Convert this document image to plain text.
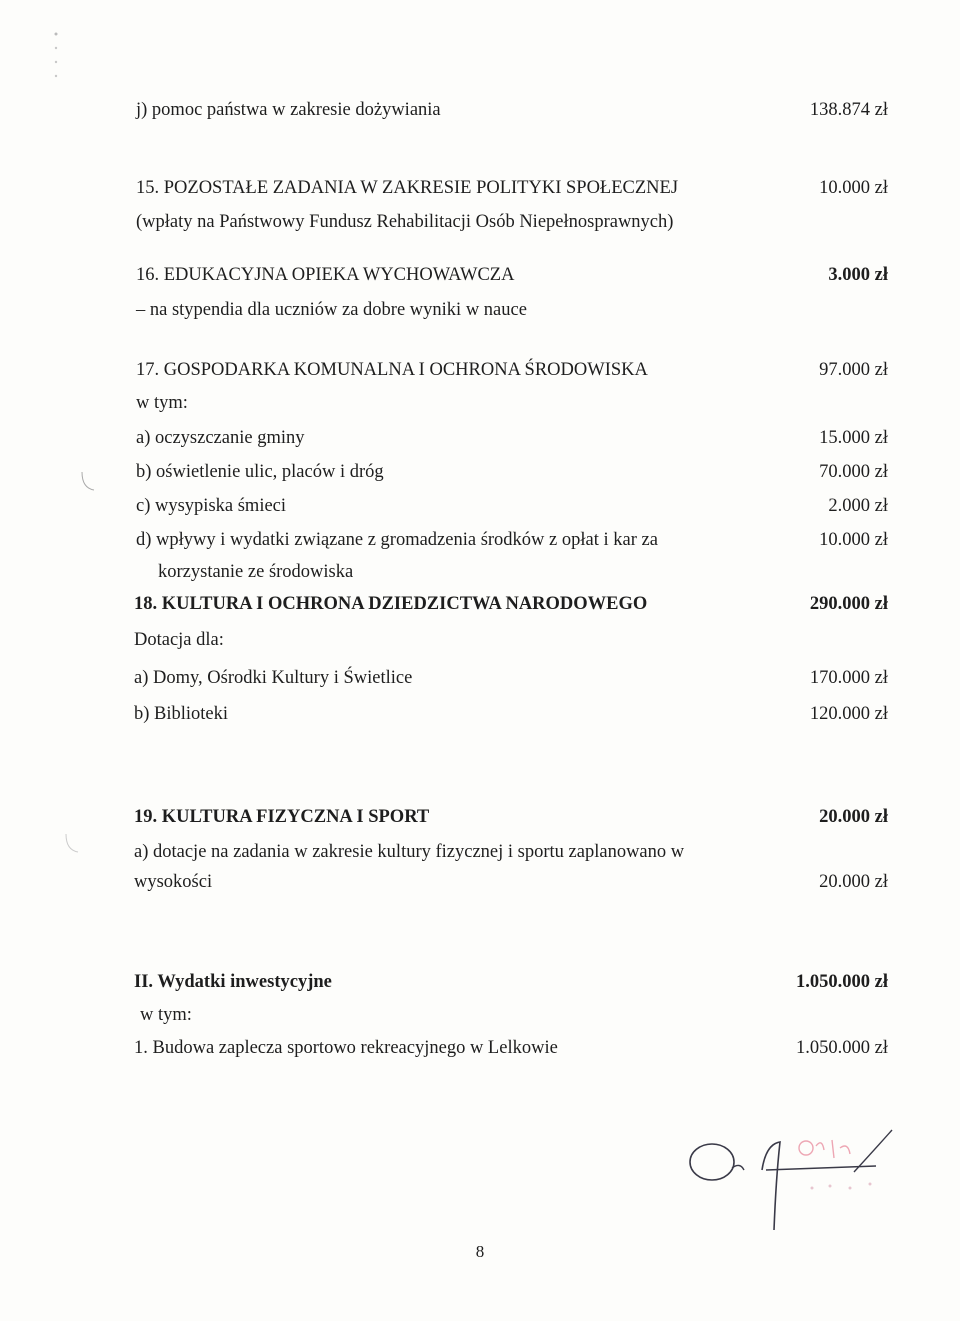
j) pomoc państwa w zakresie dożywiania	138.874 zł
15. POZOSTAŁE ZADANIA W ZAKRESIE POLITYKI SPOŁECZNEJ	10.000 zł
(wpłaty na Państwowy Fundusz Rehabilitacji Osób Niepełnosprawnych)
16. EDUKACYJNA OPIEKA WYCHOWAWCZA	3.000 zł
– na stypendia dla uczniów za dobre wyniki w nauce
17. GOSPODARKA KOMUNALNA I OCHRONA ŚRODOWISKA	97.000 zł
w tym:
a) oczyszczanie gminy	15.000 zł
b) oświetlenie ulic, placów i dróg	70.000 zł
c) wysypiska śmieci	2.000 zł
d) wpływy i wydatki związane z gromadzenia środków z opłat i kar za	10.000 zł
korzystanie ze środowiska
18. KULTURA I OCHRONA DZIEDZICTWA NARODOWEGO	290.000 zł
Dotacja dla:
a) Domy, Ośrodki Kultury i Świetlice	170.000 zł
b) Biblioteki	120.000 zł
19. KULTURA FIZYCZNA I SPORT	20.000 zł
a) dotacje na zadania w zakresie kultury fizycznej i sportu zaplanowano w
wysokości	20.000 zł
II. Wydatki inwestycyjne	1.050.000 zł
w tym:
1. Budowa zaplecza sportowo rekreacyjnego w Lelkowie	1.050.000 zł
8
